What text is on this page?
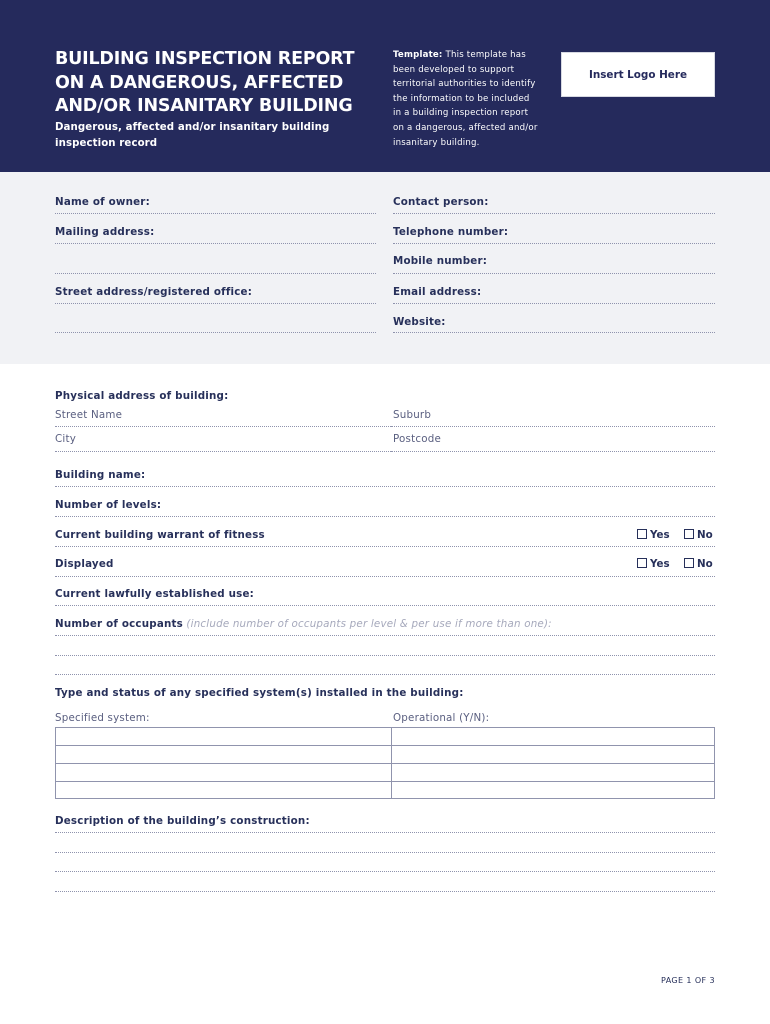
BUILDING INSPECTION REPORT
ON A DANGEROUS, AFFECTED
AND/OR INSANITARY BUILDING
Dangerous, affected and/or insanitary building
inspection record
Template: This template has
been developed to support
territorial authorities to identify
the information to be included
in a building inspection report
on a dangerous, affected and/or
insanitary building.
Insert Logo Here
Name of owner:	Contact person:
Mailing address:	Telephone number:
Mobile number:
Street address/registered office:	Email address:
Website:
Physical address of building:
Street Name	Suburb
City	Postcode
Building name:
Number of levels:
Current building warrant of fitness	Yes	No
Displayed	Yes	No
Current lawfully established use:
Number of occupants (include number of occupants per level & per use if more than one):
Type and status of any specified system(s) installed in the building:
Specified system:	Operational (Y/N):
Description of the building’s construction:
PAGE 1 OF 3
